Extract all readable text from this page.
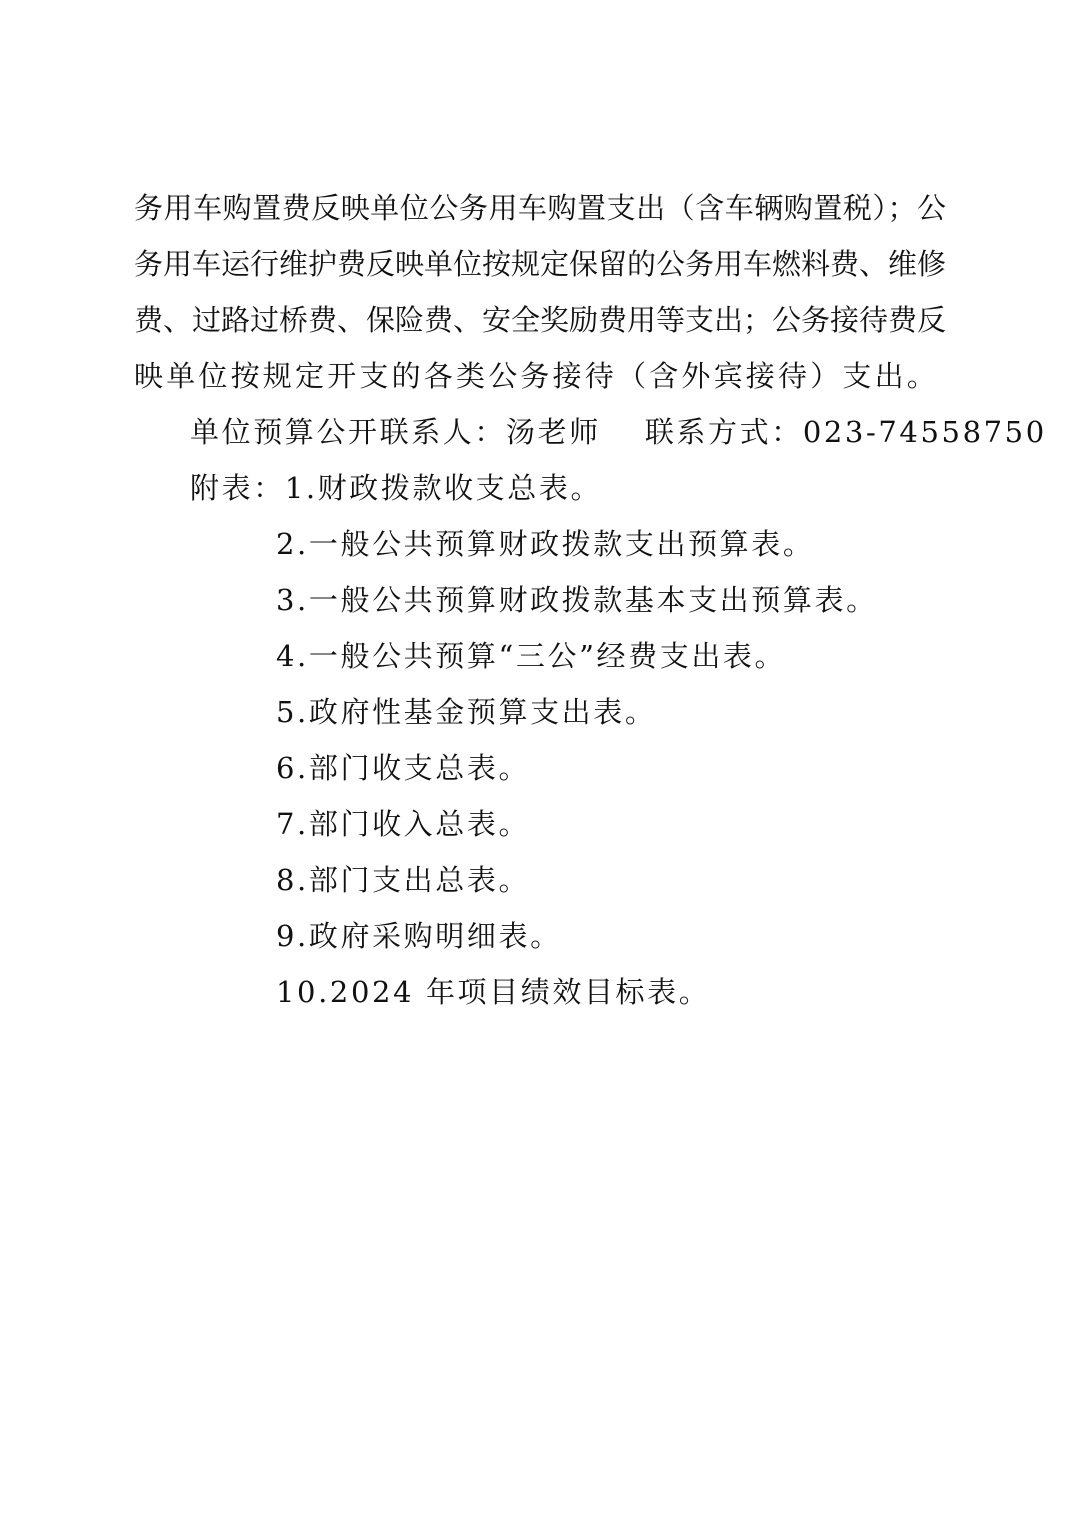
务用车购置费反映单位公务用车购置支出（含车辆购置税）；公
务用车运行维护费反映单位按规定保留的公务用车燃料费、维修
费、过路过桥费、保险费、安全奖励费用等支出；公务接待费反
映单位按规定开支的各类公务接待（含外宾接待）支出。
单位预算公开联系人：汤老师 联系方式：023-74558750
附表：1.财政拨款收支总表。
2.一般公共预算财政拨款支出预算表。
3.一般公共预算财政拨款基本支出预算表。
4.一般公共预算“三公”经费支出表。
5.政府性基金预算支出表。
6.部门收支总表。
7.部门收入总表。
8.部门支出总表。
9.政府采购明细表。
10.2024 年项目绩效目标表。
